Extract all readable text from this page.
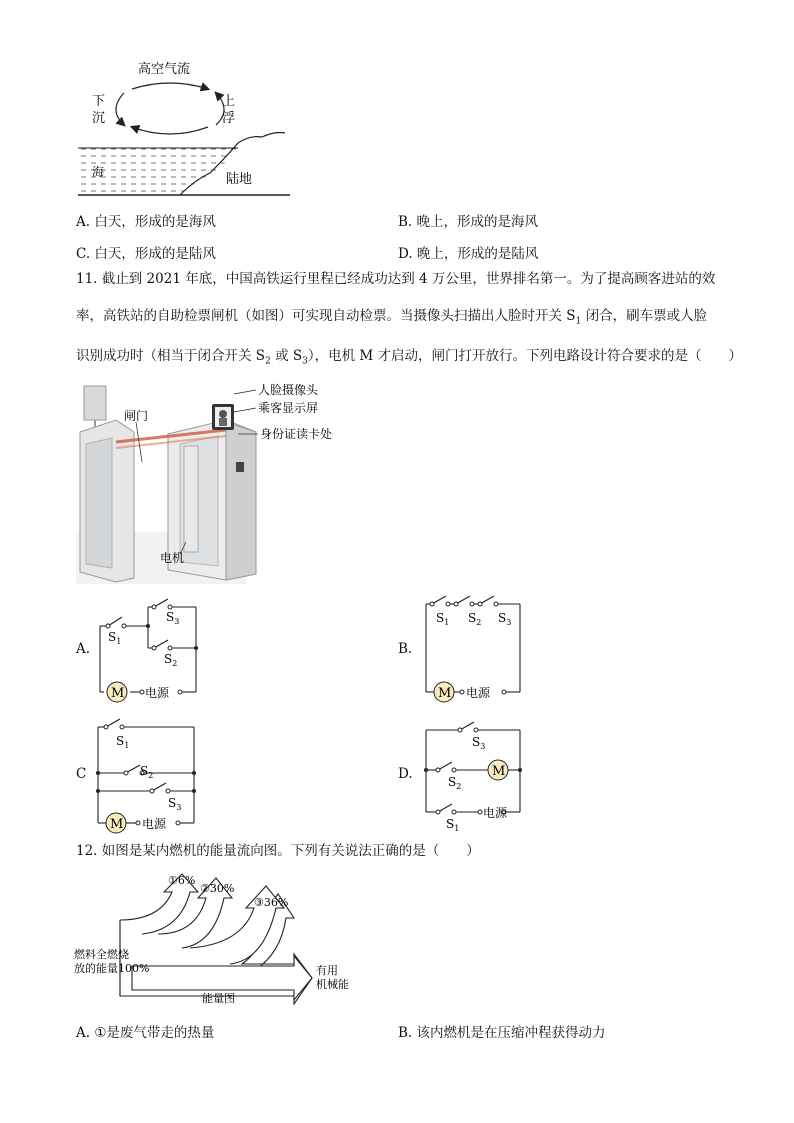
高空气流
下
沉
上
浮
海	陆地
A. 白天，形成的是海风	B. 晚上，形成的是海风
C. 白天，形成的是陆风	D. 晚上，形成的是陆风
11. 截止到 2021 年底，中国高铁运行里程已经成功达到 4 万公里，世界排名第一。为了提高顾客进站的效
率，高铁站的自助检票闸机（如图）可实现自动检票。当摄像头扫描出人脸时开关 $S_1$ 闭合，刷车票或人脸
识别成功时（相当于闭合开关 $S_2$ 或 $S_3$），电机 M 才启动，闸门打开放行。下列电路设计符合要求的是（　　）
闸门
人脸摄像头
乘客显示屏
身份证读卡处
电机
A.
M 电源
$S_1$
$S_3$
$S_2$
B.
M 电源
$S_1$ $S_2$ $S_3$
C
M 电源
$S_1$
$S_2$
$S_3$
D.	M
电源
$S_3$
$S_2$
$S_1$
12. 如图是某内燃机的能量流向图。下列有关说法正确的是（　　）
①6%
②30%
③36%
燃料全燃烧
放的能量100%	有用
机械能
能量图
A. ①是废气带走的热量	B. 该内燃机是在压缩冲程获得动力
